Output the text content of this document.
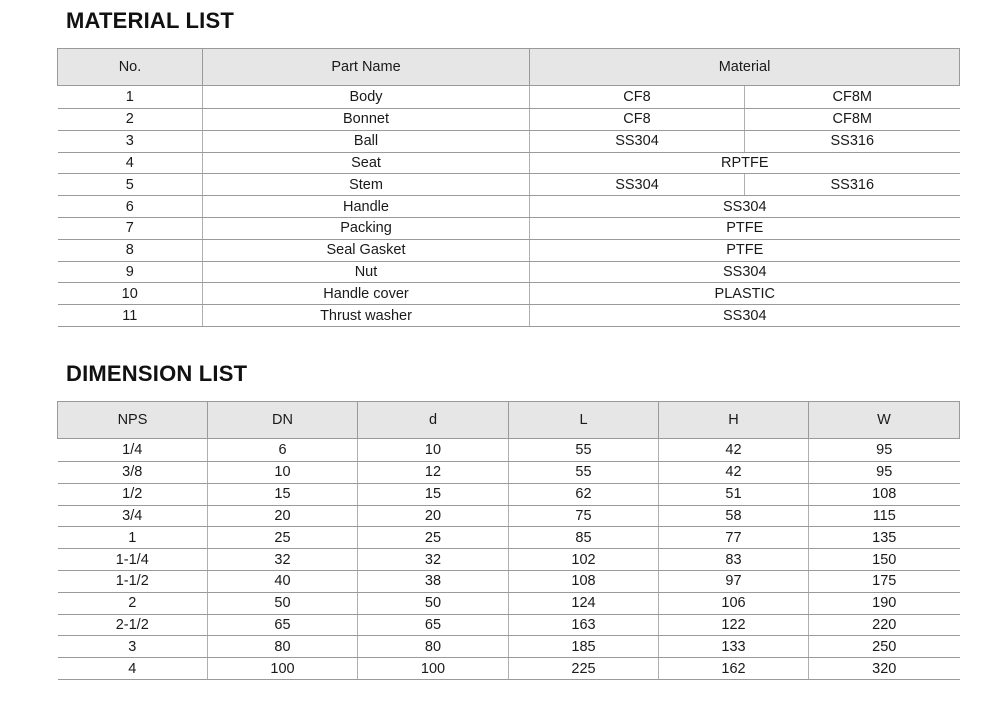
MATERIAL LIST
No.	Part Name	Material	
1	Body	CF8	CF8M
2	Bonnet	CF8	CF8M
3	Ball	SS304	SS316
4	Seat	RPTFE	
5	Stem	SS304	SS316
6	Handle	SS304	
7	Packing	PTFE	
8	Seal Gasket	PTFE	
9	Nut	SS304	
10	Handle cover	PLASTIC	
11	Thrust washer	SS304	
DIMENSION LIST
NPS	DN	d	L	H	W
1/4	6	10	55	42	95
3/8	10	12	55	42	95
1/2	15	15	62	51	108
3/4	20	20	75	58	115
1	25	25	85	77	135
1-1/4	32	32	102	83	150
1-1/2	40	38	108	97	175
2	50	50	124	106	190
2-1/2	65	65	163	122	220
3	80	80	185	133	250
4	100	100	225	162	320
